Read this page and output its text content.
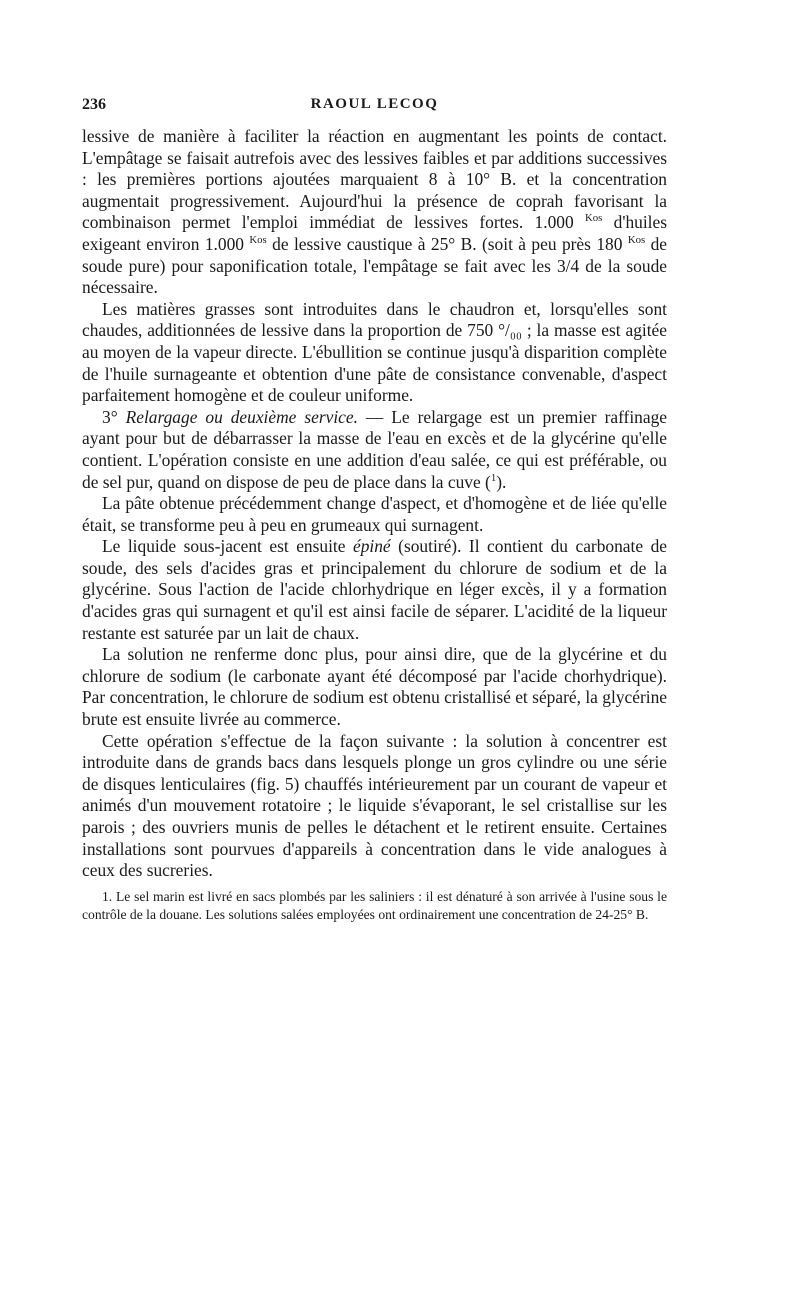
236	RAOUL LECOQ

lessive de manière à faciliter la réaction en augmentant les points de contact. L'empâtage se faisait autrefois avec des lessives faibles et par additions successives : les premières portions ajoutées marquaient 8 à 10° B. et la concentration augmentait progressivement. Aujourd'hui la présence de coprah favorisant la combinaison permet l'emploi immédiat de lessives fortes. 1.000 $^{Kos}$ d'huiles exigeant environ 1.000 $^{Kos}$ de lessive caustique à 25° B. (soit à peu près 180 $^{Kos}$ de soude pure) pour saponification totale, l'empâtage se fait avec les 3/4 de la soude nécessaire.

Les matières grasses sont introduites dans le chaudron et, lorsqu'elles sont chaudes, additionnées de lessive dans la proportion de 750 °/₀₀ ; la masse est agitée au moyen de la vapeur directe. L'ébullition se continue jusqu'à disparition complète de l'huile surnageante et obtention d'une pâte de consistance convenable, d'aspect parfaitement homogène et de couleur uniforme.

3° Relargage ou deuxième service. — Le relargage est un premier raffinage ayant pour but de débarrasser la masse de l'eau en excès et de la glycérine qu'elle contient. L'opération consiste en une addition d'eau salée, ce qui est préférable, ou de sel pur, quand on dispose de peu de place dans la cuve ($^1$).

La pâte obtenue précédemment change d'aspect, et d'homogène et de liée qu'elle était, se transforme peu à peu en grumeaux qui surnagent.

Le liquide sous-jacent est ensuite épiné (soutiré). Il contient du carbonate de soude, des sels d'acides gras et principalement du chlorure de sodium et de la glycérine. Sous l'action de l'acide chlorhydrique en léger excès, il y a formation d'acides gras qui surnagent et qu'il est ainsi facile de séparer. L'acidité de la liqueur restante est saturée par un lait de chaux.

La solution ne renferme donc plus, pour ainsi dire, que de la glycérine et du chlorure de sodium (le carbonate ayant été décomposé par l'acide chorhydrique). Par concentration, le chlorure de sodium est obtenu cristallisé et séparé, la glycérine brute est ensuite livrée au commerce.

Cette opération s'effectue de la façon suivante : la solution à concentrer est introduite dans de grands bacs dans lesquels plonge un gros cylindre ou une série de disques lenticulaires (fig. 5) chauffés intérieurement par un courant de vapeur et animés d'un mouvement rotatoire ; le liquide s'évaporant, le sel cristallise sur les parois ; des ouvriers munis de pelles le détachent et le retirent ensuite. Certaines installations sont pourvues d'appareils à concentration dans le vide analogues à ceux des sucreries.

1. Le sel marin est livré en sacs plombés par les saliniers : il est dénaturé à son arrivée à l'usine sous le contrôle de la douane. Les solutions salées employées ont ordinairement une concentration de 24-25° B.
